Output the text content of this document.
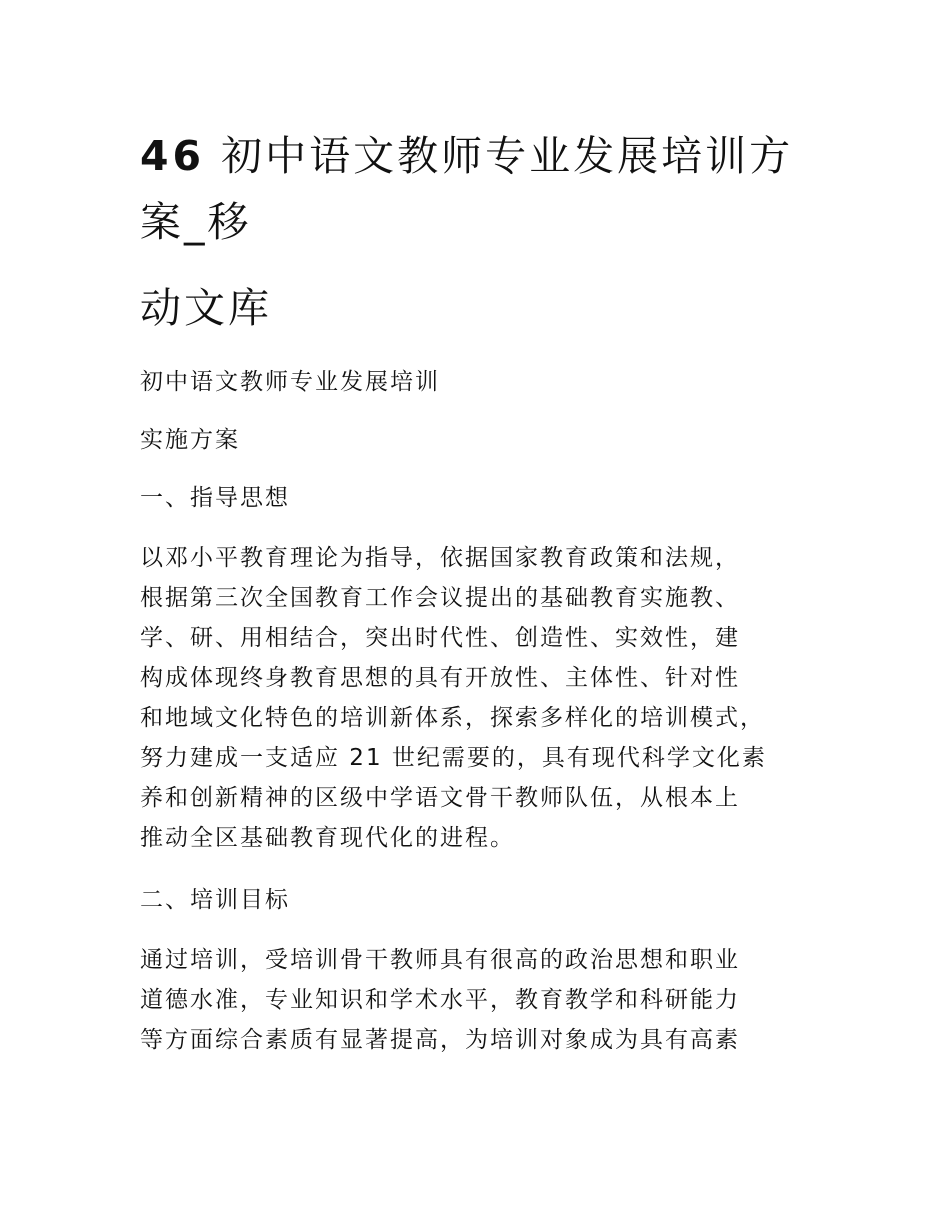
46 初中语文教师专业发展培训方
案_移
动文库

初中语文教师专业发展培训

实施方案

一、指导思想

以邓小平教育理论为指导，依据国家教育政策和法规，
根据第三次全国教育工作会议提出的基础教育实施教、
学、研、用相结合，突出时代性、创造性、实效性，建
构成体现终身教育思想的具有开放性、主体性、针对性
和地域文化特色的培训新体系，探索多样化的培训模式，
努力建成一支适应 21 世纪需要的，具有现代科学文化素
养和创新精神的区级中学语文骨干教师队伍，从根本上
推动全区基础教育现代化的进程。

二、培训目标

通过培训，受培训骨干教师具有很高的政治思想和职业
道德水准，专业知识和学术水平，教育教学和科研能力
等方面综合素质有显著提高，为培训对象成为具有高素
